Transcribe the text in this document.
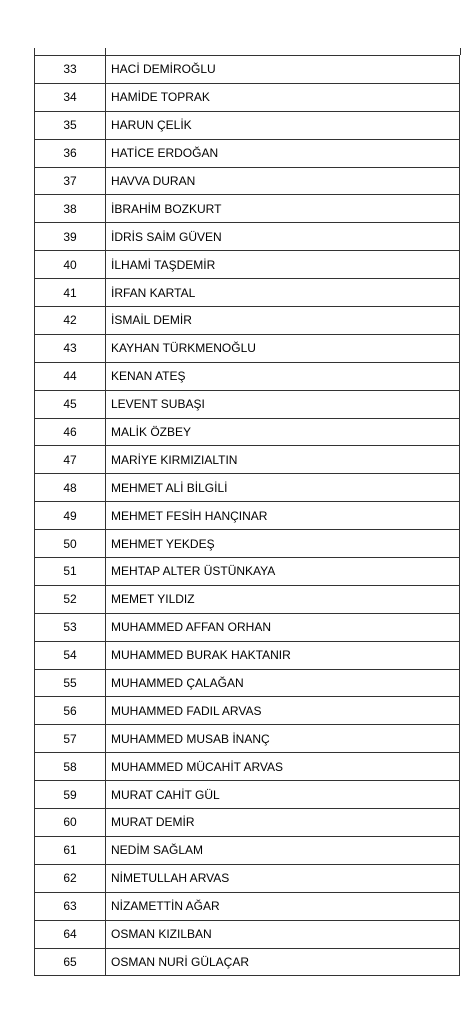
33	HACİ DEMİROĞLU
34	HAMİDE TOPRAK
35	HARUN ÇELİK
36	HATİCE ERDOĞAN
37	HAVVA DURAN
38	İBRAHİM BOZKURT
39	İDRİS SAİM GÜVEN
40	İLHAMİ TAŞDEMİR
41	İRFAN KARTAL
42	İSMAİL DEMİR
43	KAYHAN TÜRKMENOĞLU
44	KENAN ATEŞ
45	LEVENT SUBAŞI
46	MALİK ÖZBEY
47	MARİYE KIRMIZIALTIN
48	MEHMET ALİ BİLGİLİ
49	MEHMET FESİH HANÇINAR
50	MEHMET YEKDEŞ
51	MEHTAP ALTER ÜSTÜNKAYA
52	MEMET YILDIZ
53	MUHAMMED AFFAN ORHAN
54	MUHAMMED BURAK HAKTANIR
55	MUHAMMED ÇALAĞAN
56	MUHAMMED FADIL ARVAS
57	MUHAMMED MUSAB İNANÇ
58	MUHAMMED MÜCAHİT ARVAS
59	MURAT CAHİT GÜL
60	MURAT DEMİR
61	NEDİM SAĞLAM
62	NİMETULLAH ARVAS
63	NİZAMETTİN AĞAR
64	OSMAN KIZILBAN
65	OSMAN NURİ GÜLAÇAR
